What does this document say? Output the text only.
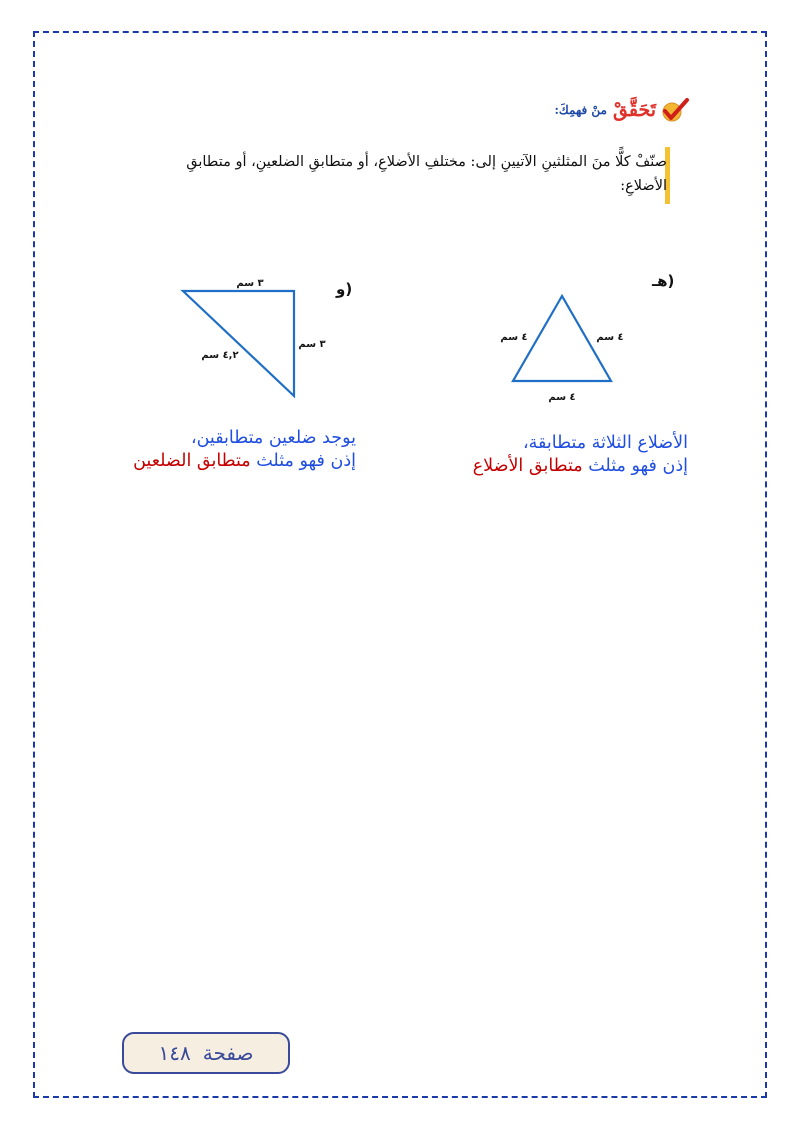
تَحَقَّقْ
منْ فهمِكَ:
صنّفْ كلًّا منَ المثلثينِ الآتيينِ إلى: مختلفِ الأضلاعِ، أو متطابقِ الضلعينِ، أو متطابقِ الأضلاعِ:
هـ)
٤ سم
٤ سم
٤ سم
و)
٣ سم
٣ سم
٤,٢ سم
الأضلاع الثلاثة متطابقة،
إذن فهو مثلث متطابق الأضلاع
يوجد ضلعين متطابقين،
إذن فهو مثلث متطابق الضلعين
صفحة
١٤٨
